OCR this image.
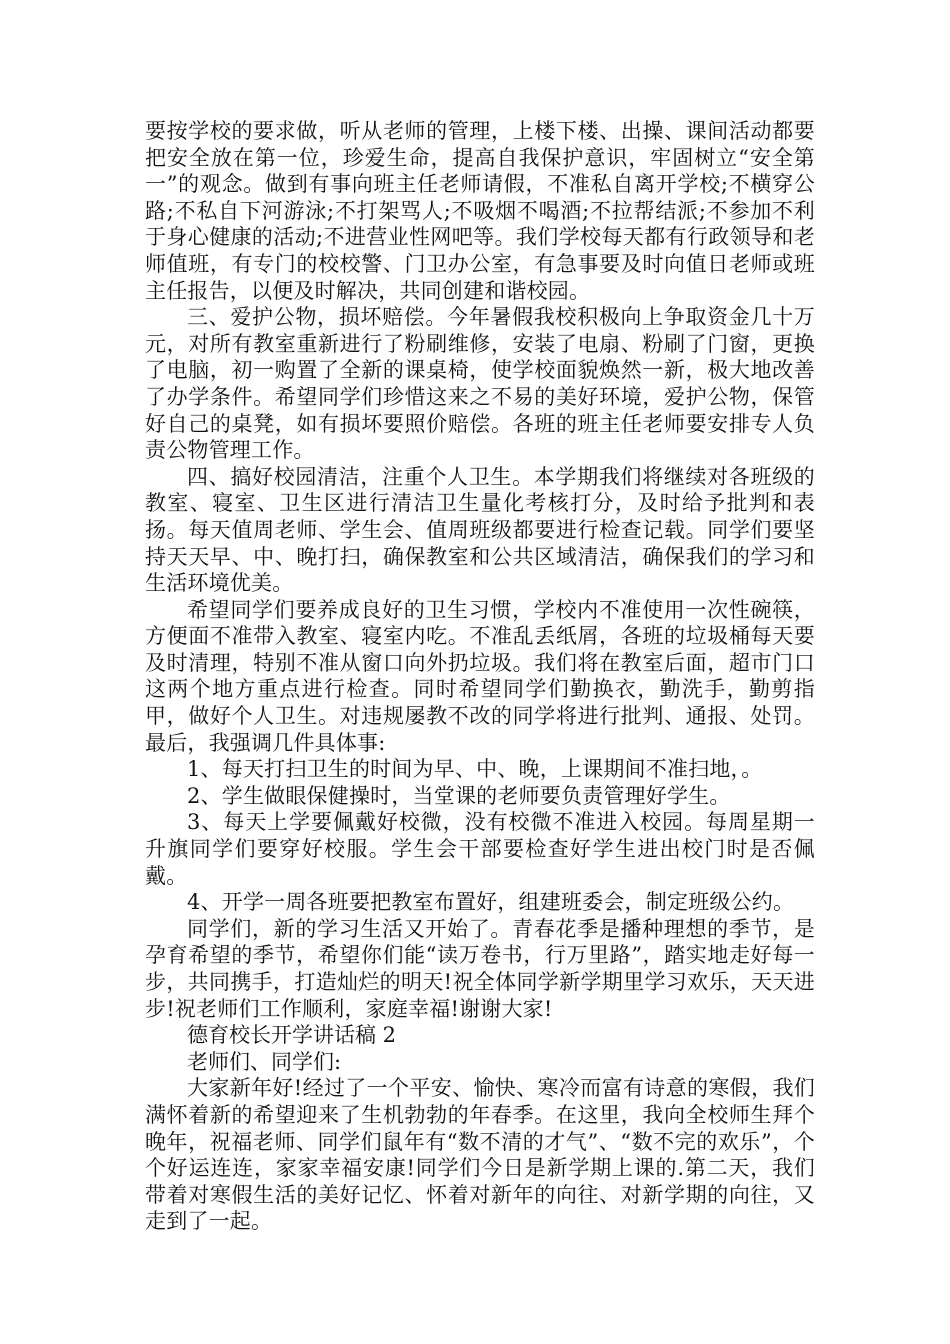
要按学校的要求做，听从老师的管理，上楼下楼、出操、课间活动都要把安全放在第一位，珍爱生命，提高自我保护意识，牢固树立“安全第一”的观念。做到有事向班主任老师请假，不准私自离开学校;不横穿公路;不私自下河游泳;不打架骂人;不吸烟不喝酒;不拉帮结派;不参加不利于身心健康的活动;不进营业性网吧等。我们学校每天都有行政领导和老师值班，有专门的校校警、门卫办公室，有急事要及时向值日老师或班主任报告，以便及时解决，共同创建和谐校园。

三、爱护公物，损坏赔偿。今年暑假我校积极向上争取资金几十万元，对所有教室重新进行了粉刷维修，安装了电扇、粉刷了门窗，更换了电脑，初一购置了全新的课桌椅，使学校面貌焕然一新，极大地改善了办学条件。希望同学们珍惜这来之不易的美好环境，爱护公物，保管好自己的桌凳，如有损坏要照价赔偿。各班的班主任老师要安排专人负责公物管理工作。

四、搞好校园清洁，注重个人卫生。本学期我们将继续对各班级的教室、寝室、卫生区进行清洁卫生量化考核打分，及时给予批判和表扬。每天值周老师、学生会、值周班级都要进行检查记载。同学们要坚持天天早、中、晚打扫，确保教室和公共区域清洁，确保我们的学习和生活环境优美。

希望同学们要养成良好的卫生习惯，学校内不准使用一次性碗筷，方便面不准带入教室、寝室内吃。不准乱丢纸屑，各班的垃圾桶每天要及时清理，特别不准从窗口向外扔垃圾。我们将在教室后面，超市门口这两个地方重点进行检查。同时希望同学们勤换衣，勤洗手，勤剪指甲，做好个人卫生。对违规屡教不改的同学将进行批判、通报、处罚。最后，我强调几件具体事:

1、每天打扫卫生的时间为早、中、晚，上课期间不准扫地，。

2、学生做眼保健操时，当堂课的老师要负责管理好学生。

3、每天上学要佩戴好校微，没有校微不准进入校园。每周星期一升旗同学们要穿好校服。学生会干部要检查好学生进出校门时是否佩戴。

4、开学一周各班要把教室布置好，组建班委会，制定班级公约。

同学们，新的学习生活又开始了。青春花季是播种理想的季节，是孕育希望的季节，希望你们能“读万卷书，行万里路”，踏实地走好每一步，共同携手，打造灿烂的明天!祝全体同学新学期里学习欢乐，天天进步!祝老师们工作顺利，家庭幸福!谢谢大家!

德育校长开学讲话稿 2

老师们、同学们:

大家新年好!经过了一个平安、愉快、寒冷而富有诗意的寒假，我们满怀着新的希望迎来了生机勃勃的年春季。在这里，我向全校师生拜个晚年，祝福老师、同学们鼠年有“数不清的才气”、“数不完的欢乐”，个个好运连连，家家幸福安康!同学们今日是新学期上课的.第二天，我们带着对寒假生活的美好记忆、怀着对新年的向往、对新学期的向往，又走到了一起。
